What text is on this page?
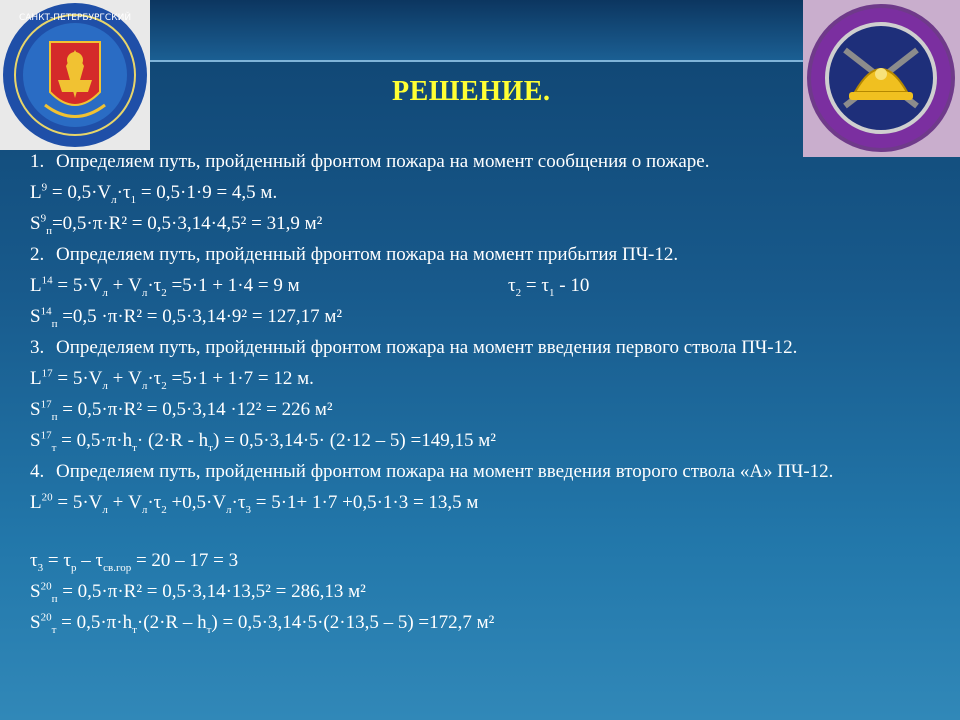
САНКТ-ПЕТЕРБУРГСКИЙ
РЕШЕНИЕ.
1. Определяем путь, пройденный фронтом пожара на момент сообщения о пожаре.
$L^9 = 0,5\cdot V_л\cdot\tau_1 = 0,5\cdot 1\cdot 9 = 4,5$ м.
$S^9_п=0,5\cdot\pi\cdot R^2 = 0,5\cdot 3,14\cdot 4,5^2 = 31,9$ м²
2. Определяем путь, пройденный фронтом пожара на момент прибытия ПЧ-12.
$L^{14} = 5\cdot V_л + V_л\cdot\tau_2 =5\cdot 1 + 1\cdot 4 = 9$ м	$\tau_2 = \tau_1 - 10$
$S^{14}_п =0,5 \cdot\pi\cdot R^2 = 0,5\cdot 3,14\cdot 9^2 = 127,17$ м²
3. Определяем путь, пройденный фронтом пожара на момент введения первого ствола ПЧ-12.
$L^{17} = 5\cdot V_л + V_л\cdot\tau_2 =5\cdot 1 + 1\cdot 7 = 12$ м.
$S^{17}_п = 0,5\cdot\pi\cdot R^2 = 0,5\cdot 3,14 \cdot 12^2 = 226$ м²
$S^{17}_т = 0,5\cdot\pi\cdot h_т\cdot (2\cdot R - h_т) = 0,5\cdot 3,14\cdot 5\cdot (2\cdot 12 - 5) =149,15$ м²
4. Определяем путь, пройденный фронтом пожара на момент введения второго ствола «А» ПЧ-12.
$L^{20} = 5\cdot V_л + V_л\cdot\tau_2 +0,5\cdot V_л\cdot\tau_3 = 5\cdot 1+ 1\cdot 7 +0,5\cdot 1\cdot 3 = 13,5$ м
$\tau_3 = \tau_р - \tau_{св.гор} = 20 - 17 = 3$
$S^{20}_п = 0,5\cdot\pi\cdot R^2 = 0,5\cdot 3,14\cdot 13,5^2 = 286,13$ м²
$S^{20}_т = 0,5\cdot\pi\cdot h_т\cdot(2\cdot R - h_т) = 0,5\cdot 3,14\cdot 5\cdot(2\cdot 13,5 - 5) =172,7$ м²
